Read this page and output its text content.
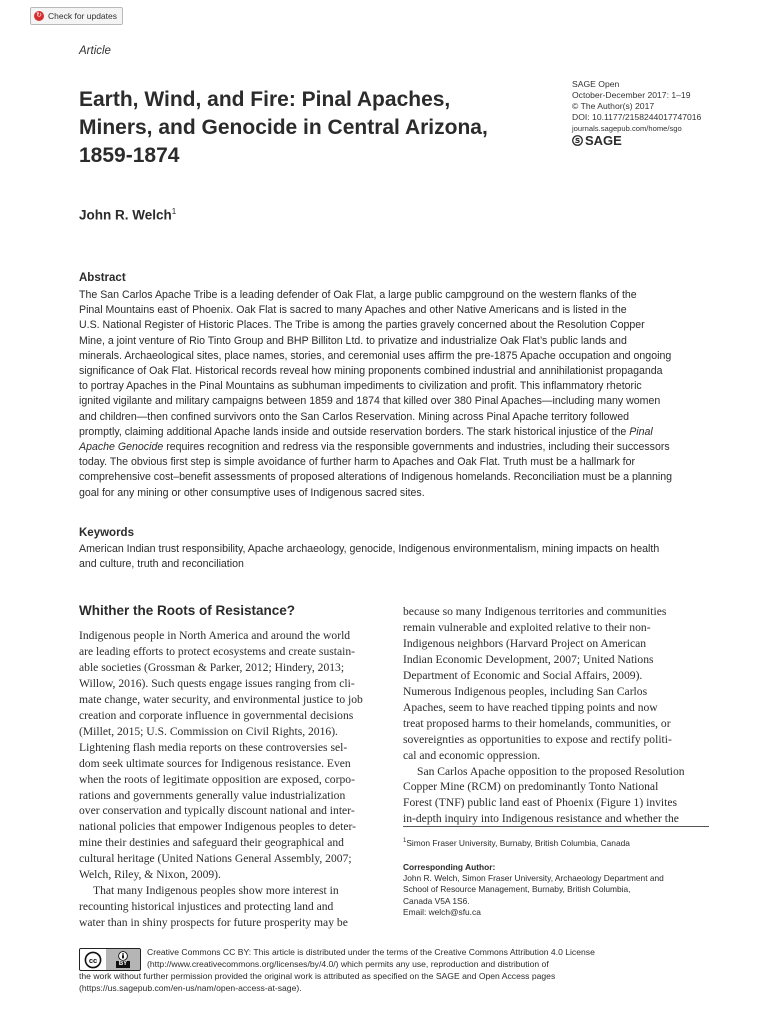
↻ Check for updates
Article
SAGE Open
October-December 2017: 1–19
© The Author(s) 2017
DOI: 10.1177/2158244017747016
journals.sagepub.com/home/sgo
SAGE
Earth, Wind, and Fire: Pinal Apaches,
Miners, and Genocide in Central Arizona,
1859-1874
John R. Welch$^1$
Abstract
The San Carlos Apache Tribe is a leading defender of Oak Flat, a large public campground on the western flanks of the
Pinal Mountains east of Phoenix. Oak Flat is sacred to many Apaches and other Native Americans and is listed in the
U.S. National Register of Historic Places. The Tribe is among the parties gravely concerned about the Resolution Copper
Mine, a joint venture of Rio Tinto Group and BHP Billiton Ltd. to privatize and industrialize Oak Flat’s public lands and
minerals. Archaeological sites, place names, stories, and ceremonial uses affirm the pre-1875 Apache occupation and ongoing
significance of Oak Flat. Historical records reveal how mining proponents combined industrial and annihilationist propaganda
to portray Apaches in the Pinal Mountains as subhuman impediments to civilization and profit. This inflammatory rhetoric
ignited vigilante and military campaigns between 1859 and 1874 that killed over 380 Pinal Apaches—including many women
and children—then confined survivors onto the San Carlos Reservation. Mining across Pinal Apache territory followed
promptly, claiming additional Apache lands inside and outside reservation borders. The stark historical injustice of the Pinal
Apache Genocide requires recognition and redress via the responsible governments and industries, including their successors
today. The obvious first step is simple avoidance of further harm to Apaches and Oak Flat. Truth must be a hallmark for
comprehensive cost–benefit assessments of proposed alterations of Indigenous homelands. Reconciliation must be a planning
goal for any mining or other consumptive uses of Indigenous sacred sites.
Keywords
American Indian trust responsibility, Apache archaeology, genocide, Indigenous environmentalism, mining impacts on health
and culture, truth and reconciliation
Whither the Roots of Resistance?
Indigenous people in North America and around the world
are leading efforts to protect ecosystems and create sustain-
able societies (Grossman & Parker, 2012; Hindery, 2013;
Willow, 2016). Such quests engage issues ranging from cli-
mate change, water security, and environmental justice to job
creation and corporate influence in governmental decisions
(Millet, 2015; U.S. Commission on Civil Rights, 2016).
Lightening flash media reports on these controversies sel-
dom seek ultimate sources for Indigenous resistance. Even
when the roots of legitimate opposition are exposed, corpo-
rations and governments generally value industrialization
over conservation and typically discount national and inter-
national policies that empower Indigenous peoples to deter-
mine their destinies and safeguard their geographical and
cultural heritage (United Nations General Assembly, 2007;
Welch, Riley, & Nixon, 2009).
That many Indigenous peoples show more interest in
recounting historical injustices and protecting land and
water than in shiny prospects for future prosperity may be
because so many Indigenous territories and communities
remain vulnerable and exploited relative to their non-
Indigenous neighbors (Harvard Project on American
Indian Economic Development, 2007; United Nations
Department of Economic and Social Affairs, 2009).
Numerous Indigenous peoples, including San Carlos
Apaches, seem to have reached tipping points and now
treat proposed harms to their homelands, communities, or
sovereignties as opportunities to expose and rectify politi-
cal and economic oppression.
San Carlos Apache opposition to the proposed Resolution
Copper Mine (RCM) on predominantly Tonto National
Forest (TNF) public land east of Phoenix (Figure 1) invites
in-depth inquiry into Indigenous resistance and whether the
$^1$Simon Fraser University, Burnaby, British Columbia, Canada
Corresponding Author:
John R. Welch, Simon Fraser University, Archaeology Department and
School of Resource Management, Burnaby, British Columbia,
Canada V5A 1S6.
Email: welch@sfu.ca
cc	BY
Creative Commons CC BY: This article is distributed under the terms of the Creative Commons Attribution 4.0 License
(http://www.creativecommons.org/licenses/by/4.0/) which permits any use, reproduction and distribution of
the work without further permission provided the original work is attributed as specified on the SAGE and Open Access pages
(https://us.sagepub.com/en-us/nam/open-access-at-sage).
